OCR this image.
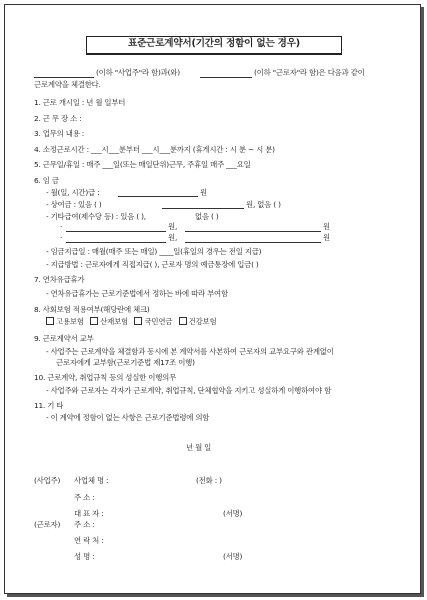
표준근로계약서(기간의 정함이 없는 경우)
(이하 "사업주"라 함)과(와)	(이하 "근로자"라 함)은 다음과 같이
근로계약을 체결한다.
1. 근로 개시일 : 년 월 일부터
2. 근 무 장 소 :
3. 업무의 내용 :
4. 소정근로시간 : ___시___분부터 ___시___분까지 (휴게시간 : 시 분 ~ 시 분)
5. 근무일/휴일 : 매주 ___일(또는 매일단위)근무, 주휴일 매주 ___요일
6. 임 금
- 월(일, 시간)급 :	원
- 상여금 : 있음 ( )	원, 없음 ( )
- 기타급여(제수당 등) : 있음 ( ),	없음 ( )
·	원,	원
·	원,	원
- 임금지급일 : 매월(매주 또는 매일) ____일(휴일의 경우는 전일 지급)
- 지급방법 : 근로자에게 직접지급( ), 근로자 명의 예금통장에 입금( )
7. 연차유급휴가
- 연차유급휴가는 근로기준법에서 정하는 바에 따라 부여함
8. 사회보험 적용여부(해당란에 체크)
고용보험 산재보험 국민연금 건강보험
9. 근로계약서 교부
- 사업주는 근로계약을 체결함과 동시에 본 계약서를 사본하여 근로자의 교부요구와 관계없이
근로자에게 교부함(근로기준법 제17조 이행)
10. 근로계약, 취업규칙 등의 성실한 이행의무
- 사업주와 근로자는 각자가 근로계약, 취업규칙, 단체협약을 지키고 성실하게 이행하여야 함
11. 기 타
- 이 계약에 정함이 없는 사항은 근로기준법령에 의함
년 월 일
(사업주) 사업체 명 :	(전화 : )
주 소 :
대 표 자 :	(서명)
(근로자) 주 소 :
연 락 처 :
성 명 :	(서명)
